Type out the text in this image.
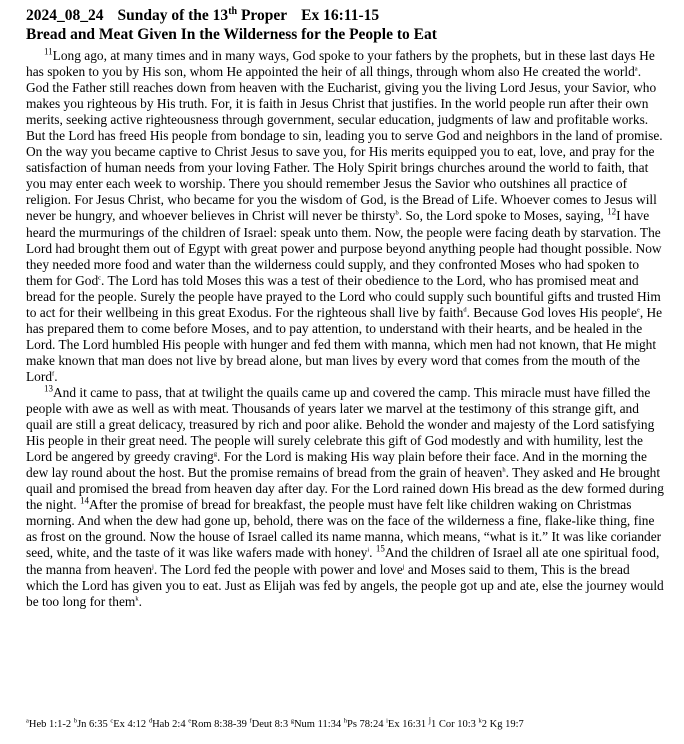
2024_08_24 Sunday of the 13th Proper Ex 16:11-15
Bread and Meat Given In the Wilderness for the People to Eat

$^{11}$Long ago, at many times and in many ways, God spoke to your fathers by the prophets, but in these last days He has spoken to you by His son, whom He appointed the heir of all things, through whom also He created the world$^a$. God the Father still reaches down from heaven with the Eucharist, giving you the living Lord Jesus, your Savior, who makes you righteous by His truth. For, it is faith in Jesus Christ that justifies. In the world people run after their own merits, seeking active righteousness through government, secular education, judgments of law and profitable works. But the Lord has freed His people from bondage to sin, leading you to serve God and neighbors in the land of promise. On the way you became captive to Christ Jesus to save you, for His merits equipped you to eat, love, and pray for the satisfaction of human needs from your loving Father. The Holy Spirit brings churches around the world to faith, that you may enter each week to worship. There you should remember Jesus the Savior who outshines all practice of religion. For Jesus Christ, who became for you the wisdom of God, is the Bread of Life. Whoever comes to Jesus will never be hungry, and whoever believes in Christ will never be thirsty$^b$. So, the Lord spoke to Moses, saying, $^{12}$I have heard the murmurings of the children of Israel: speak unto them. Now, the people were facing death by starvation. The Lord had brought them out of Egypt with great power and purpose beyond anything people had thought possible. Now they needed more food and water than the wilderness could supply, and they confronted Moses who had spoken to them for God$^c$. The Lord has told Moses this was a test of their obedience to the Lord, who has promised meat and bread for the people. Surely the people have prayed to the Lord who could supply such bountiful gifts and trusted Him to act for their wellbeing in this great Exodus. For the righteous shall live by faith$^d$. Because God loves His people$^e$, He has prepared them to come before Moses, and to pay attention, to understand with their hearts, and be healed in the Lord. The Lord humbled His people with hunger and fed them with manna, which men had not known, that He might make known that man does not live by bread alone, but man lives by every word that comes from the mouth of the Lord$^f$.

$^{13}$And it came to pass, that at twilight the quails came up and covered the camp. This miracle must have filled the people with awe as well as with meat. Thousands of years later we marvel at the testimony of this strange gift, and quail are still a great delicacy, treasured by rich and poor alike. Behold the wonder and majesty of the Lord satisfying His people in their great need. The people will surely celebrate this gift of God modestly and with humility, lest the Lord be angered by greedy craving$^g$. For the Lord is making His way plain before their face. And in the morning the dew lay round about the host. But the promise remains of bread from the grain of heaven$^h$. They asked and He brought quail and promised the bread from heaven day after day. For the Lord rained down His bread as the dew formed during the night. $^{14}$After the promise of bread for breakfast, the people must have felt like children waking on Christmas morning. And when the dew had gone up, behold, there was on the face of the wilderness a fine, flake-like thing, fine as frost on the ground. Now the house of Israel called its name manna, which means, “what is it.” It was like coriander seed, white, and the taste of it was like wafers made with honey$^i$. $^{15}$And the children of Israel all ate one spiritual food, the manna from heaven$^j$. The Lord fed the people with power and love$^j$ and Moses said to them, This is the bread which the Lord has given you to eat. Just as Elijah was fed by angels, the people got up and ate, else the journey would be too long for them$^k$.

$^a$Heb 1:1-2 $^b$Jn 6:35 $^c$Ex 4:12 $^d$Hab 2:4 $^e$Rom 8:38-39 $^f$Deut 8:3 $^g$Num 11:34 $^h$Ps 78:24 $^i$Ex 16:31 $^j$1 Cor 10:3 $^k$2 Kg 19:7
